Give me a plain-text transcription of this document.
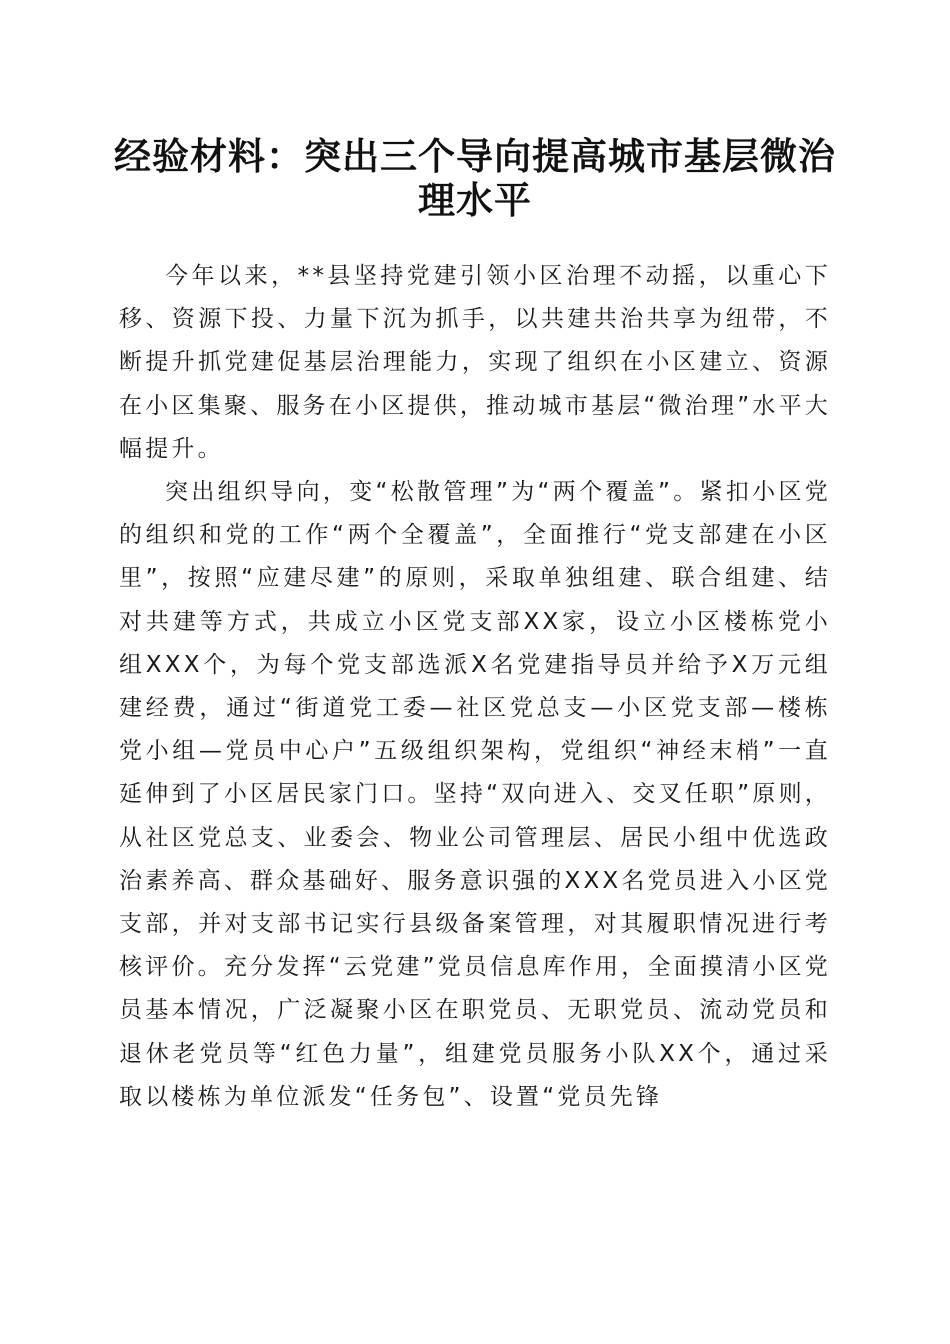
经验材料：突出三个导向提高城市基层微治理水平

今年以来，**县坚持党建引领小区治理不动摇，以重心下移、资源下投、力量下沉为抓手，以共建共治共享为纽带，不断提升抓党建促基层治理能力，实现了组织在小区建立、资源在小区集聚、服务在小区提供，推动城市基层“微治理”水平大幅提升。

突出组织导向，变“松散管理”为“两个覆盖”。紧扣小区党的组织和党的工作“两个全覆盖”，全面推行“党支部建在小区里”，按照“应建尽建”的原则，采取单独组建、联合组建、结对共建等方式，共成立小区党支部XX家，设立小区楼栋党小组XXX个，为每个党支部选派X名党建指导员并给予X万元组建经费，通过“街道党工委—社区党总支—小区党支部—楼栋党小组—党员中心户”五级组织架构，党组织“神经末梢”一直延伸到了小区居民家门口。坚持“双向进入、交叉任职”原则，从社区党总支、业委会、物业公司管理层、居民小组中优选政治素养高、群众基础好、服务意识强的XXX名党员进入小区党支部，并对支部书记实行县级备案管理，对其履职情况进行考核评价。充分发挥“云党建”党员信息库作用，全面摸清小区党员基本情况，广泛凝聚小区在职党员、无职党员、流动党员和退休老党员等“红色力量”，组建党员服务小队XX个，通过采取以楼栋为单位派发“任务包”、设置“党员先锋
